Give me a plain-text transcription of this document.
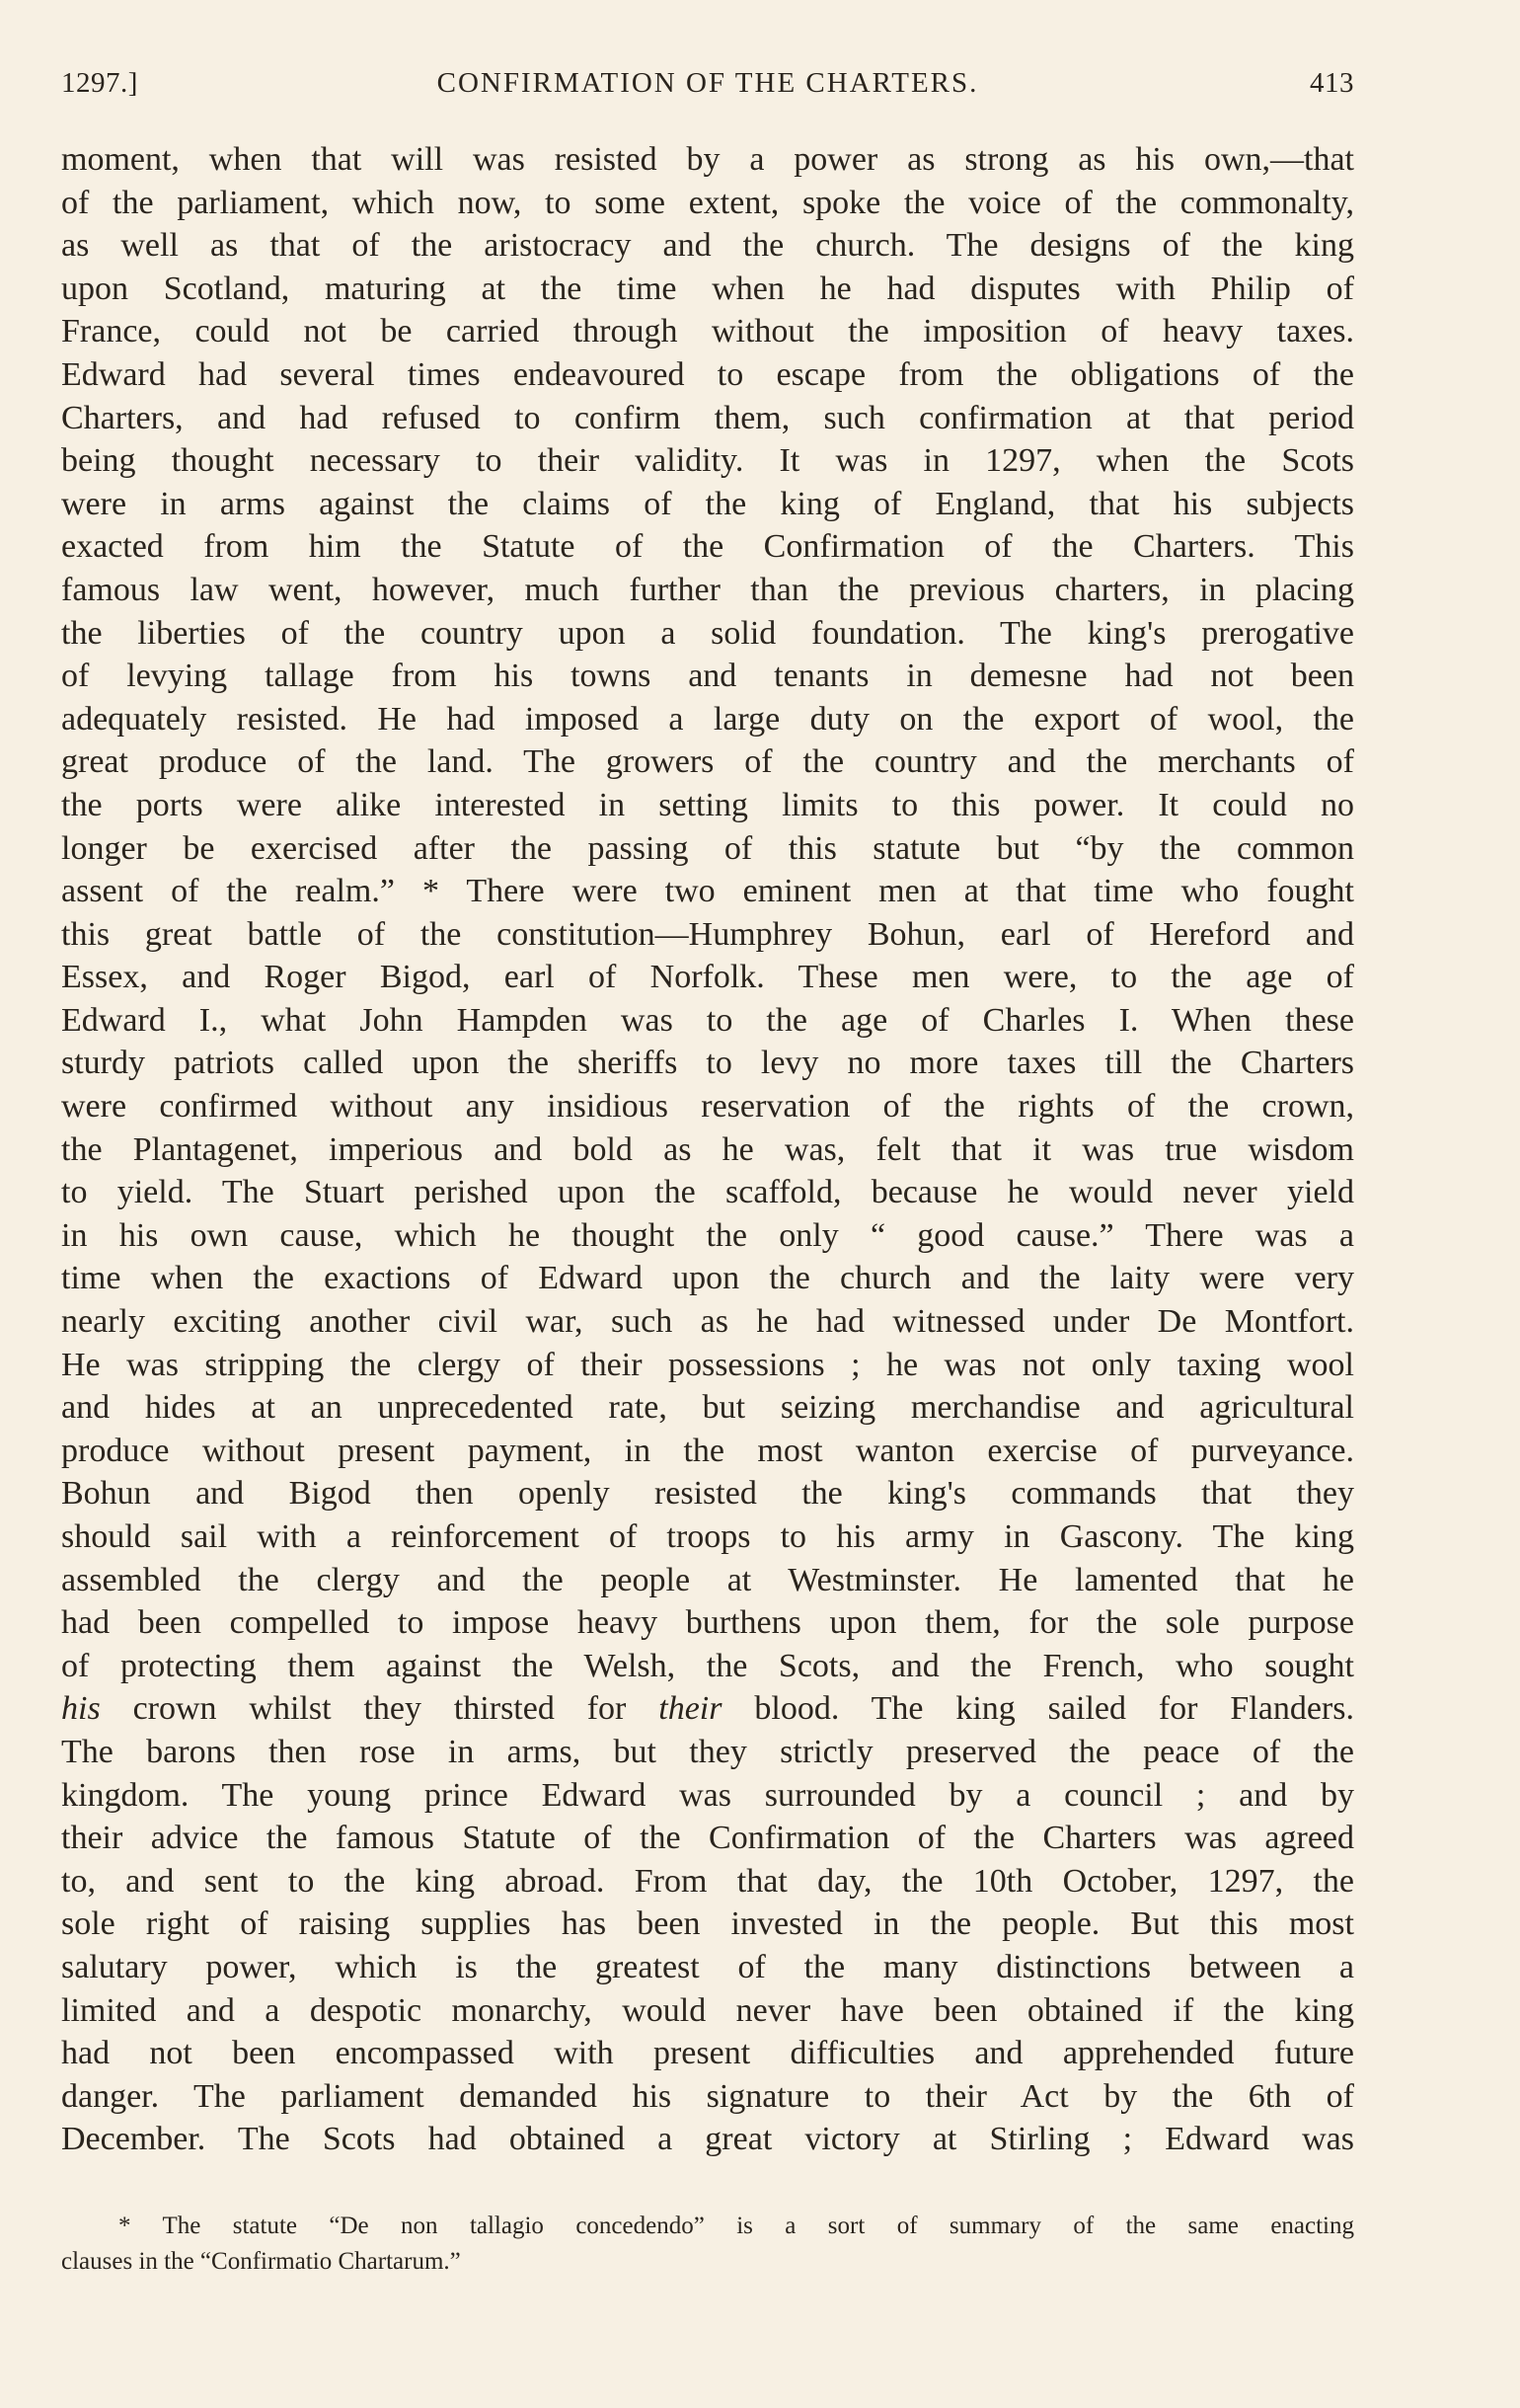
1297.]	CONFIRMATION OF THE CHARTERS.	413
moment, when that will was resisted by a power as strong as his own,—that
of the parliament, which now, to some extent, spoke the voice of the commonalty,
as well as that of the aristocracy and the church. The designs of the king
upon Scotland, maturing at the time when he had disputes with Philip of
France, could not be carried through without the imposition of heavy taxes.
Edward had several times endeavoured to escape from the obligations of the
Charters, and had refused to confirm them, such confirmation at that period
being thought necessary to their validity. It was in 1297, when the Scots
were in arms against the claims of the king of England, that his subjects
exacted from him the Statute of the Confirmation of the Charters. This
famous law went, however, much further than the previous charters, in placing
the liberties of the country upon a solid foundation. The king's prerogative
of levying tallage from his towns and tenants in demesne had not been
adequately resisted. He had imposed a large duty on the export of wool, the
great produce of the land. The growers of the country and the merchants of
the ports were alike interested in setting limits to this power. It could no
longer be exercised after the passing of this statute but “by the common
assent of the realm.” * There were two eminent men at that time who fought
this great battle of the constitution—Humphrey Bohun, earl of Hereford and
Essex, and Roger Bigod, earl of Norfolk. These men were, to the age of
Edward I., what John Hampden was to the age of Charles I. When these
sturdy patriots called upon the sheriffs to levy no more taxes till the Charters
were confirmed without any insidious reservation of the rights of the crown,
the Plantagenet, imperious and bold as he was, felt that it was true wisdom
to yield. The Stuart perished upon the scaffold, because he would never yield
in his own cause, which he thought the only “ good cause.” There was a
time when the exactions of Edward upon the church and the laity were very
nearly exciting another civil war, such as he had witnessed under De Montfort.
He was stripping the clergy of their possessions ; he was not only taxing wool
and hides at an unprecedented rate, but seizing merchandise and agricultural
produce without present payment, in the most wanton exercise of purveyance.
Bohun and Bigod then openly resisted the king's commands that they
should sail with a reinforcement of troops to his army in Gascony. The king
assembled the clergy and the people at Westminster. He lamented that he
had been compelled to impose heavy burthens upon them, for the sole purpose
of protecting them against the Welsh, the Scots, and the French, who sought
his crown whilst they thirsted for their blood. The king sailed for Flanders.
The barons then rose in arms, but they strictly preserved the peace of the
kingdom. The young prince Edward was surrounded by a council ; and by
their advice the famous Statute of the Confirmation of the Charters was agreed
to, and sent to the king abroad. From that day, the 10th October, 1297, the
sole right of raising supplies has been invested in the people. But this most
salutary power, which is the greatest of the many distinctions between a
limited and a despotic monarchy, would never have been obtained if the king
had not been encompassed with present difficulties and apprehended future
danger. The parliament demanded his signature to their Act by the 6th of
December. The Scots had obtained a great victory at Stirling ; Edward was
* The statute “De non tallagio concedendo” is a sort of summary of the same enacting
clauses in the “Confirmatio Chartarum.”
